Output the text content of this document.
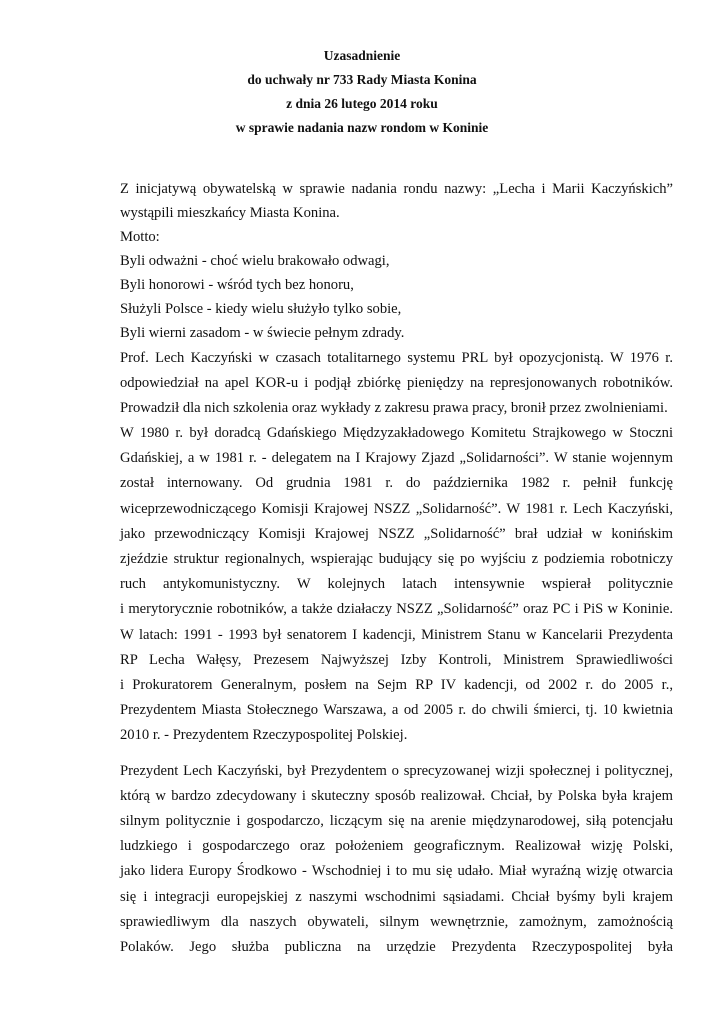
Uzasadnienie
do uchwały nr 733 Rady Miasta Konina
z dnia 26 lutego 2014 roku
w sprawie nadania nazw rondom w Koninie
Z inicjatywą obywatelską w sprawie nadania rondu nazwy: „Lecha i Marii Kaczyńskich”
wystąpili mieszkańcy Miasta Konina.
Motto:
Byli odważni - choć wielu brakowało odwagi,
Byli honorowi - wśród tych bez honoru,
Służyli Polsce - kiedy wielu służyło tylko sobie,
Byli wierni zasadom - w świecie pełnym zdrady.
Prof. Lech Kaczyński w czasach totalitarnego systemu PRL był opozycjonistą. W 1976 r.
odpowiedział na apel KOR-u i podjął zbiórkę pieniędzy na represjonowanych robotników.
Prowadził dla nich szkolenia oraz wykłady z zakresu prawa pracy, bronił przez zwolnieniami.
W 1980 r. był doradcą Gdańskiego Międzyzakładowego Komitetu Strajkowego w Stoczni
Gdańskiej, a w 1981 r. - delegatem na I Krajowy Zjazd „Solidarności”. W stanie wojennym
został internowany. Od grudnia 1981 r. do października 1982 r. pełnił funkcję
wiceprzewodniczącego Komisji Krajowej NSZZ „Solidarność”. W 1981 r. Lech Kaczyński,
jako przewodniczący Komisji Krajowej NSZZ „Solidarność” brał udział w konińskim
zjeździe struktur regionalnych, wspierając budujący się po wyjściu z podziemia robotniczy
ruch antykomunistyczny. W kolejnych latach intensywnie wspierał politycznie
i merytorycznie robotników, a także działaczy NSZZ „Solidarność” oraz PC i PiS w Koninie.
W latach: 1991 - 1993 był senatorem I kadencji, Ministrem Stanu w Kancelarii Prezydenta
RP Lecha Wałęsy, Prezesem Najwyższej Izby Kontroli, Ministrem Sprawiedliwości
i Prokuratorem Generalnym, posłem na Sejm RP IV kadencji, od 2002 r. do 2005 r.,
Prezydentem Miasta Stołecznego Warszawa, a od 2005 r. do chwili śmierci, tj. 10 kwietnia
2010 r. - Prezydentem Rzeczypospolitej Polskiej.
Prezydent Lech Kaczyński, był Prezydentem o sprecyzowanej wizji społecznej i politycznej,
którą w bardzo zdecydowany i skuteczny sposób realizował. Chciał, by Polska była krajem
silnym politycznie i gospodarczo, liczącym się na arenie międzynarodowej, siłą potencjału
ludzkiego i gospodarczego oraz położeniem geograficznym. Realizował wizję Polski,
jako lidera Europy Środkowo - Wschodniej i to mu się udało. Miał wyraźną wizję otwarcia
się i integracji europejskiej z naszymi wschodnimi sąsiadami. Chciał byśmy byli krajem
sprawiedliwym dla naszych obywateli, silnym wewnętrznie, zamożnym, zamożnością
Polaków. Jego służba publiczna na urzędzie Prezydenta Rzeczypospolitej była
